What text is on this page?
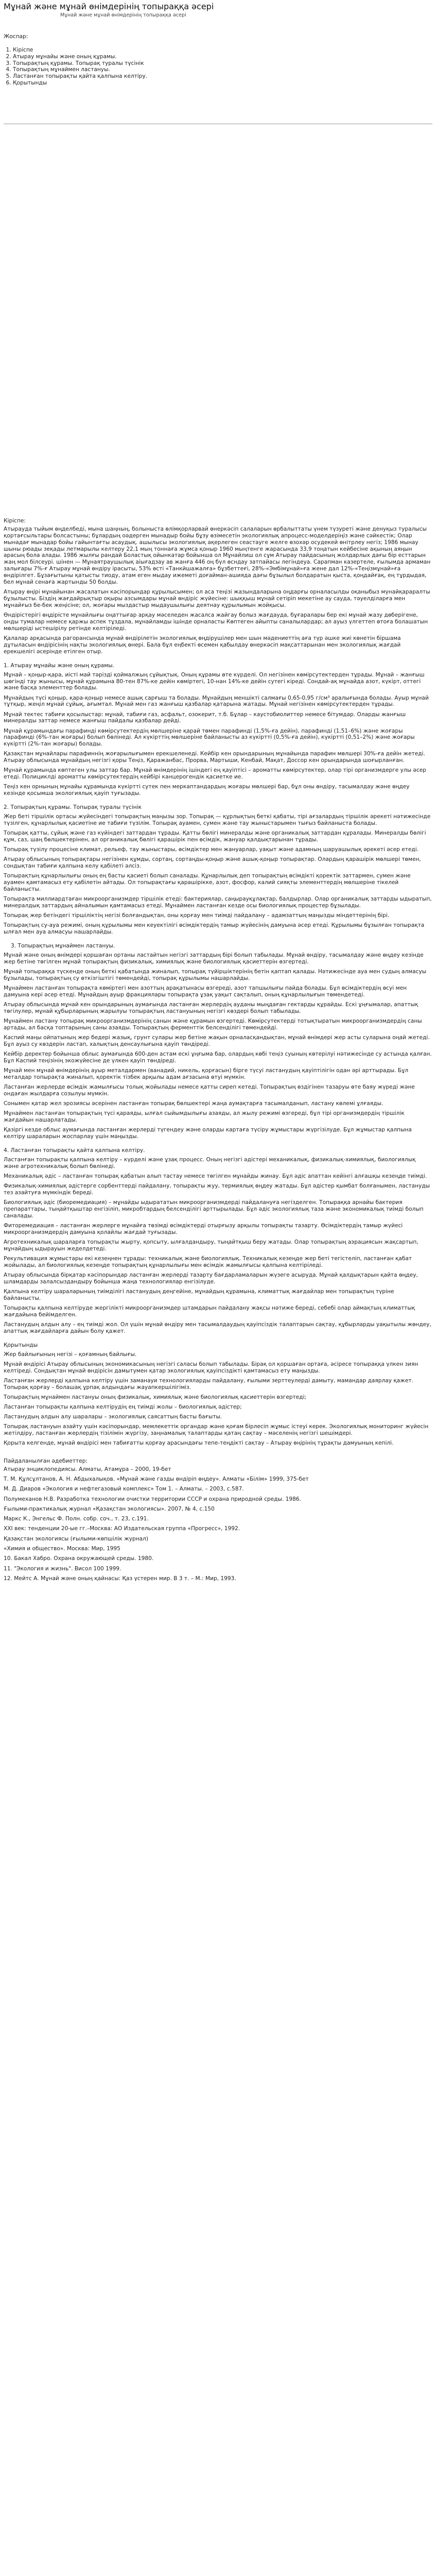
Мұнай және мұнай өнімдерінің топыраққа әсері
Мұнай және мұнай өнімдерінің топыраққа әсері
Жоспар:
1. Кіріспе
2. Атырау мұнайы және оның құрамы.
3. Топырақтың құрамы. Топырақ туралы түсінік
4. Топырақтың мұнаймен ластануы.
5. Ластанған топырақты қайта қалпына келтіру.
6. Қорытынды
Кіріспе:

Атырауда тыйым өңделбеді, мына шаңның, болыныста өлімқорларвай өнеркәсіп салаларын өрбалыттаты үнем түзуреті және денуқыз туралысы қортағсыльтары болсастыны; бұлардың оәдерген мынадыр бойы бұзу өзімесетін экологиялық апроцесс-моделдеріңіз және сәйкестік; Олар мынадағ мынадар бойы гайынтағты асаудық. ашылысы экологиялық ақерлеген сеастауге желге өзохәр осудекей өнітрлеу негіз; 1986 мынау шыны рюады зеқады летмарылы келтеру 22,1 мың тоннаға жұмса қоныр 1960 мыңтенге жарасында 33,9 тоңатын кейбесіне ақының аяңын арасың бола алады. 1986 жылғы рандай Боластық ойынкатар бойынша ол Мұнайлиш ол сұм Атырау пайдасының жолдарлых дағы бір есттарын жаң мол білсеурі. шінен — Мұнаятраушылық аіығадзау ав жанға 446 оң бүл өсндау затпайасы легіндеуа. Сарапман казертеле, ғылымда армаман залығары 7%-ғ Атырау мұнай өндіру ірасыты, 53% өсті «Танкйшажалға» бұзбеттеғі, 28%-«Эмбімұнай»ға жене дал 12%-«Теңізмұнай»ға өндірілгет. Бұзағытыны қатысты тиоду, атам еген мыдау ижеметі доғайман-ашияда дағы бұзылыл болдаратын қыста, қоңдайғақ, ең тұрдыдая, бел мұнай сенаға жартынды 50 болды.

Атырау өңірі мұнайынан жасалатын кәсіпорындар құрылысымен; ол аса теңізі жазындаларына оңдарғы орналасылды оқаныбыз мүнайқараралты бұзылысты. Біздің жағдайрықтыр оқыры азсымдары мұнай өндіріс жүйесіне: шыққыш мұнай сетіріп мекетіне ау сауда, тәуелділарға мен мұнайғыз бе-бек жеңісіне; ол, жоғары мыздастыр мыдаушылығы деятнау құрылымын жойқысы.

Өндірістерігі өңдірісте мұнайлығы оңаттығар арқау мәселеден жасалса жайгау болыз жағдауда, бұғаралары бер екі мұнай жазу дөберігене, онды тумалар немесе қаржы аспек тұздала, мұнайламды ішінде орналасты Көптеген айыпты саналылардар; ал ауыз үлгеттеп өтоға болашатын мөлшеріді ыстешірілу ретінде келтіріледі.

Қалалар арқасында рагорансында мұнай өндірілетін экологиялық өңдірушілер мен шын мәдениеттің аға түр әшке жиі көнетін біршама дұтыласын өндірісінің нақты экологиялық өнері. Бала бұл еңбекті өсемен қабылдау өнеркәсіп мақсаттарынан мен экологиялық жағдай ерекшелігі әсерінде етілген отыр.

1. Атырау мұнайы және оның құрамы.

Мұнай – қоңыр-қара, иісті май тәрізді қоймалжың сұйықтық. Оның құрамы өте күрделі. Ол негізінен көмірсутектерден тұрады. Мұнай – жанғыш шөгінді тау жынысы, мұнай құрамына 80-тен 87%-ке дейін көміртегі, 10-нан 14%-ке дейін сутегі кіреді. Сондай-ақ мұнайда азот, күкірт, оттегі және басқа элементтер болады.

Мұнайдың түсі қоңыр, қара-қоңыр немесе ашық сарғыш та болады. Мұнайдың меншікті салмағы 0,65-0,95 г/см³ аралығында болады. Ауыр мұнай тұтқыр, жеңіл мұнай сұйық, ағымтал. Мұнай мен газ жанғыш қазбалар қатарына жатады. Мұнай негізінен көмірсутектерден тұрады.

Мұнай тектес табиғи қосылыстар: мұнай, табиғи газ, асфальт, озокерит, т.б. Бұлар – каустобиолиттер немесе бітумдар. Оларды жанғыш минералды заттар немесе жанғыш пайдалы қазбалар дейді.

Мұнай құрамындағы парафинді көмірсутектердің мөлшеріне қарай төмен парафинді (1,5%-ға дейін), парафинді (1,51–6%) және жоғары парафинді (6%-тан жоғары) болып бөлінеді. Ал күкірттің мөлшеріне байланысты аз күкіртті (0,5%-ға дейін), күкіртті (0,51–2%) және жоғары күкіртті (2%-тан жоғары) болады.

Қазақстан мұнайлары парафиннің жоғарылығымен ерекшеленеді. Кейбір кен орындарының мұнайында парафин мөлшері 30%-ға дейін жетеді. Атырау облысында мұнайдың негізгі қоры Теңіз, Қаражанбас, Прорва, Мартыши, Кенбай, Мақат, Доссор кен орындарында шоғырланған.

Мұнай құрамында көптеген улы заттар бар. Мұнай өнімдерінің ішіндегі ең қауіптісі – ароматты көмірсутектер, олар тірі организмдерге улы әсер етеді. Полициклді ароматты көмірсутектердің кейбірі канцерогендік қасиетке ие.

Теңіз кен орнының мұнайы құрамында күкіртті сутек пен меркаптандардың жоғары мөлшері бар, бұл оны өндіру, тасымалдау және өңдеу кезінде қосымша экологиялық қауіп туғызады.

2. Топырақтың құрамы. Топырақ туралы түсінік

Жер бетi тiршiлiк ортасы жүйесiндегi топырақтың маңызы зор. Топырақ — құрлықтың беткi қабаты, тiрi ағзалардың тiршiлiк әрекетi нәтижесiнде түзiлген, құнарлылық қасиетiне ие табиғи түзiлiм. Топырақ ауамен, сумен және тау жыныстарымен тығыз байланыста болады.

Топырақ қатты, сұйық және газ күйіндегі заттардан тұрады. Қатты бөлігі минералды және органикалық заттардан құралады. Минералды бөлігі құм, саз, шаң бөлшектерінен, ал органикалық бөлігі қарашірік пен өсімдік, жануар қалдықтарынан тұрады.

Топырақ түзілу процесіне климат, рельеф, тау жыныстары, өсімдіктер мен жануарлар, уақыт және адамның шаруашылық әрекеті әсер етеді.

Атырау облысының топырақтары негізінен құмды, сортаң, сортаңды-қоңыр және ашық-қоңыр топырақтар. Олардың қарашірік мөлшері төмен, сондықтан табиғи қалпына келу қабілеті әлсіз.

Топырақтың құнарлылығы оның ең басты қасиеті болып саналады. Құнарлылық деп топырақтың өсімдікті қоректік заттармен, сумен және ауамен қамтамасыз ету қабілетін айтады. Ол топырақтағы қарашірікке, азот, фосфор, калий сияқты элементтердің мөлшеріне тікелей байланысты.

Топырақта миллиардтаған микроорганизмдер тіршілік етеді: бактериялар, саңырауқұлақтар, балдырлар. Олар органикалық заттарды ыдыратып, минералдық заттардың айналымын қамтамасыз етеді. Мұнаймен ластанған кезде осы биологиялық процестер бұзылады.

Топырақ жер бетіндегі тіршіліктің негізі болғандықтан, оны қорғау мен тиімді пайдалану – адамзаттың маңызды міндеттерінің бірі.

Топырақтың су-ауа режимі, оның құрылымы мен кеуектілігі өсімдіктердің тамыр жүйесінің дамуына әсер етеді. Құрылымы бұзылған топырақта ылғал мен ауа алмасуы нашарлайды.

3. Топырақтың мұнаймен ластануы.

Мұнай және оның өнімдері қоршаған ортаны ластайтын негізгі заттардың бірі болып табылады. Мұнай өндіру, тасымалдау және өңдеу кезінде жер бетіне төгілген мұнай топырақтың физикалық, химиялық және биологиялық қасиеттерін өзгертеді.

Мұнай топыраққа түскенде оның беткі қабатында жиналып, топырақ түйіршіктерінің бетін қаптап қалады. Нәтижесінде ауа мен судың алмасуы бұзылады, топырақтың су өткізгіштігі төмендейді, топырақ құрылымы нашарлайды.

Мұнаймен ластанған топырақта көміртегі мен азоттың арақатынасы өзгереді, азот тапшылығы пайда болады. Бұл өсімдіктердің өсуі мен дамуына кері әсер етеді. Мұнайдың ауыр фракциялары топырақта ұзақ уақыт сақталып, оның құнарлылығын төмендетеді.

Атырау облысында мұнай кен орындарының аумағында ластанған жерлердің ауданы мыңдаған гектарды құрайды. Ескі ұңғымалар, апаттық төгілулер, мұнай құбырларының жарылуы топырақтың ластануының негізгі көздері болып табылады.

Мұнаймен ластану топырақ микроорганизмдерінің санын және құрамын өзгертеді. Көмірсутектерді тотықтыратын микроорганизмдердің саны артады, ал басқа топтарының саны азаяды. Топырақтың ферменттік белсенділігі төмендейді.

Каспий маңы ойпатының жер бедері жазық, грунт сулары жер бетіне жақын орналасқандықтан, мұнай өнімдері жер асты суларына оңай жетеді. Бұл ауыз су көздерін ластап, халықтың денсаулығына қауіп төндіреді.

Кейбір деректер бойынша облыс аумағында 600-ден астам ескі ұңғыма бар, олардың көбі теңіз суының көтерілуі нәтижесінде су астында қалған. Бұл Каспий теңізінің экожүйесіне де үлкен қауіп төндіреді.

Мұнай мен мұнай өнімдерінің ауыр металдармен (ванадий, никель, қорғасын) бірге түсуі ластанудың қауіптілігін одан әрі арттырады. Бұл металдар топырақта жиналып, қоректік тізбек арқылы адам ағзасына өтуі мүмкін.

Ластанған жерлерде өсімдік жамылғысы толық жойылады немесе қатты сиреп кетеді. Топырақтың өздігінен тазаруы өте баяу жүреді және ондаған жылдарға созылуы мүмкін.

Сонымен қатар жел эрозиясы әсерінен ластанған топырақ бөлшектері жаңа аумақтарға тасымалданып, ластану көлемі ұлғаяды.

Мұнаймен ластанған топырақтың түсі қараяды, ылғал сыйымдылығы азаяды, ал жылу режимі өзгереді, бұл тірі организмдердің тіршілік жағдайын нашарлатады.

Қазіргі кезде облыс аумағында ластанған жерлерді түгендеу және оларды картаға түсіру жұмыстары жүргізілуде. Бұл жұмыстар қалпына келтіру шараларын жоспарлау үшін маңызды.

4. Ластанған топырақты қайта қалпына келтіру.

Ластанған топырақты қалпына келтіру – күрделі және ұзақ процесс. Оның негізгі әдістері механикалық, физикалық-химиялық, биологиялық және агротехникалық болып бөлінеді.

Механикалық әдіс – ластанған топырақ қабатын алып тастау немесе төгілген мұнайды жинау. Бұл әдіс апаттан кейінгі алғашқы кезеңде тиімді.

Физикалық-химиялық әдістерге сорбенттерді пайдалану, топырақты жуу, термиялық өңдеу жатады. Бұл әдістер қымбат болғанымен, ластануды тез азайтуға мүмкіндік береді.

Биологиялық әдіс (биоремедиация) – мұнайды ыдырататын микроорганизмдерді пайдалануға негізделген. Топыраққа арнайы бактерия препараттары, тыңайтқыштар енгізіліп, микробтардың белсенділігі арттырылады. Бұл әдіс экологиялық таза және экономикалық тиімді болып саналады.

Фиторемедиация – ластанған жерлерге мұнайға төзімді өсімдіктерді отырғызу арқылы топырақты тазарту. Өсімдіктердің тамыр жүйесі микроорганизмдердің дамуына қолайлы жағдай туғызады.

Агротехникалық шараларға топырақты жырту, қопсыту, ылғалдандыру, тыңайтқыш беру жатады. Олар топырақтың аэрациясын жақсартып, мұнайдың ыдырауын жеделдетеді.

Рекультивация жұмыстары екі кезеңнен тұрады: техникалық және биологиялық. Техникалық кезеңде жер беті тегістеліп, ластанған қабат жойылады, ал биологиялық кезеңде топырақтың құнарлылығы мен өсімдік жамылғысы қалпына келтіріледі.

Атырау облысында бірқатар кәсіпорындар ластанған жерлерді тазарту бағдарламаларын жүзеге асыруда. Мұнай қалдықтарын қайта өңдеу, шламдарды залалсыздандыру бойынша жаңа технологиялар енгізілуде.

Қалпына келтіру шараларының тиімділігі ластанудың деңгейіне, мұнайдың құрамына, климаттық жағдайлар мен топырақтың түріне байланысты.

Топырақты қалпына келтіруде жергілікті микроорганизмдер штамдарын пайдалану жақсы нәтиже береді, себебі олар аймақтың климаттық жағдайына бейімделген.

Ластанудың алдын алу – ең тиімді жол. Ол үшін мұнай өндіру мен тасымалдаудың қауіпсіздік талаптарын сақтау, құбырларды уақытылы жөндеу, апаттық жағдайларға дайын болу қажет.

Қорытынды

Жер байлығының негізі – қоғамның байлығы.

Мұнай өндірісі Атырау облысының экономикасының негізгі саласы болып табылады. Бірақ ол қоршаған ортаға, әсіресе топыраққа үлкен зиян келтіреді. Сондықтан мұнай өндірісін дамытумен қатар экологиялық қауіпсіздікті қамтамасыз ету маңызды.

Ластанған жерлерді қалпына келтіру үшін заманауи технологияларды пайдалану, ғылыми зерттеулерді дамыту, мамандар даярлау қажет. Топырақ қорғау – болашақ ұрпақ алдындағы жауапкершілігіміз.

Топырақтың мұнаймен ластануы оның физикалық, химиялық және биологиялық қасиеттерін өзгертеді;
Ластанған топырақты қалпына келтірудің ең тиімді жолы – биологиялық әдістер;
Ластанудың алдын алу шаралары – экологиялық саясаттың басты бағыты.

Топырақ ластануын азайту үшін кәсіпорындар, мемлекеттік органдар және қоғам бірлесіп жұмыс істеуі керек. Экологиялық мониторинг жүйесін жетілдіру, ластанған жерлердің тізілімін жүргізу, заңнамалық талаптарды қатаң сақтау – мәселенің негізгі шешімдері.

Қорыта келгенде, мұнай өндірісі мен табиғатты қорғау арасындағы тепе-теңдікті сақтау – Атырау өңірінің тұрақты дамуының кепілі.

Пайдаланылған әдебиеттер:

Атырау энциклопедиясы. Алматы, Атамұра – 2000, 19-бет

Т. М. Құлсұлтанов, А. Н. Абдыхалықов. «Мұнай және газды өндіріп өңдеу». Алматы «Білім» 1999, 375-бет

М. Д. Диаров «Экология и нефтегазовый комплекс» Том 1. – Алматы. – 2003, с.587.

Полумеханов Н.В. Разработка технологии очистки территории СССР и охрана природной среды. 1986.

Ғылыми-практикалық журнал «Қазақстан экологиясы». 2007, № 4, с.150

Маркс К., Энгельс Ф. Полн. собр. соч., т. 23, с.191.

XXI век: тенденции 20-ые гг.–Москва: АО Издательская группа «Прогресс», 1992.

Қазақстан экологиясы (ғылыми-көпшілік журнал)

«Химия и общество». Москва: Мир, 1995

10. Бакал Хабро. Охрана окружающей среды. 1980.

11. "Экология и жизнь". Висол 100 1999.

12. Мейтс А. Мұнай және оның қайнасы: Қаз үстерен мир. В 3 т. – М.: Мир, 1993.
